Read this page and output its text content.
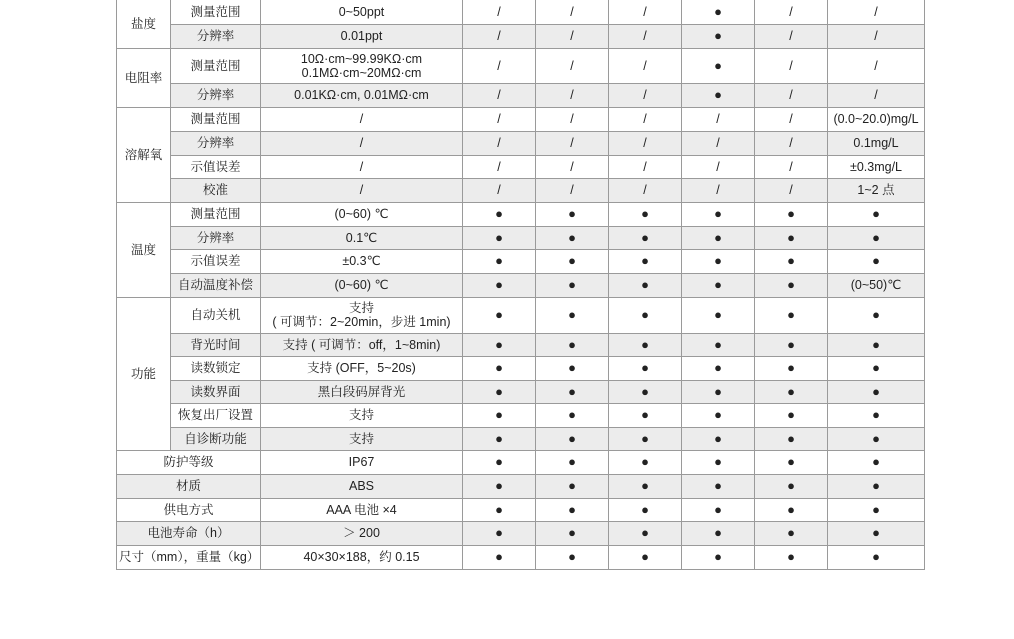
盐度	测量范围	0~50ppt	/	/	/	●	/	/
	分辨率	0.01ppt	/	/	/	●	/	/
电阻率	测量范围	10Ω·cm~99.99KΩ·cm
0.1MΩ·cm~20MΩ·cm	/	/	/	●	/	/
	分辨率	0.01KΩ·cm, 0.01MΩ·cm	/	/	/	●	/	/
溶解氧	测量范围	/	/	/	/	/	/	(0.0~20.0)mg/L
	分辨率	/	/	/	/	/	/	0.1mg/L
	示值误差	/	/	/	/	/	/	±0.3mg/L
	校准	/	/	/	/	/	/	1~2 点
温度	测量范围	(0~60) ℃	●	●	●	●	●	●
	分辨率	0.1℃	●	●	●	●	●	●
	示值误差	±0.3℃	●	●	●	●	●	●
	自动温度补偿	(0~60) ℃	●	●	●	●	●	(0~50)℃
功能	自动关机	支持
( 可调节：2~20min，步进 1min)	●	●	●	●	●	●
	背光时间	支持 ( 可调节：off，1~8min)	●	●	●	●	●	●
	读数锁定	支持 (OFF，5~20s)	●	●	●	●	●	●
	读数界面	黑白段码屏背光	●	●	●	●	●	●
	恢复出厂设置	支持	●	●	●	●	●	●
	自诊断功能	支持	●	●	●	●	●	●
防护等级		IP67	●	●	●	●	●	●
材质		ABS	●	●	●	●	●	●
供电方式		AAA 电池 ×4	●	●	●	●	●	●
电池寿命（h）		＞ 200	●	●	●	●	●	●
尺寸（mm），重量（kg）		40×30×188，约 0.15	●	●	●	●	●	●
